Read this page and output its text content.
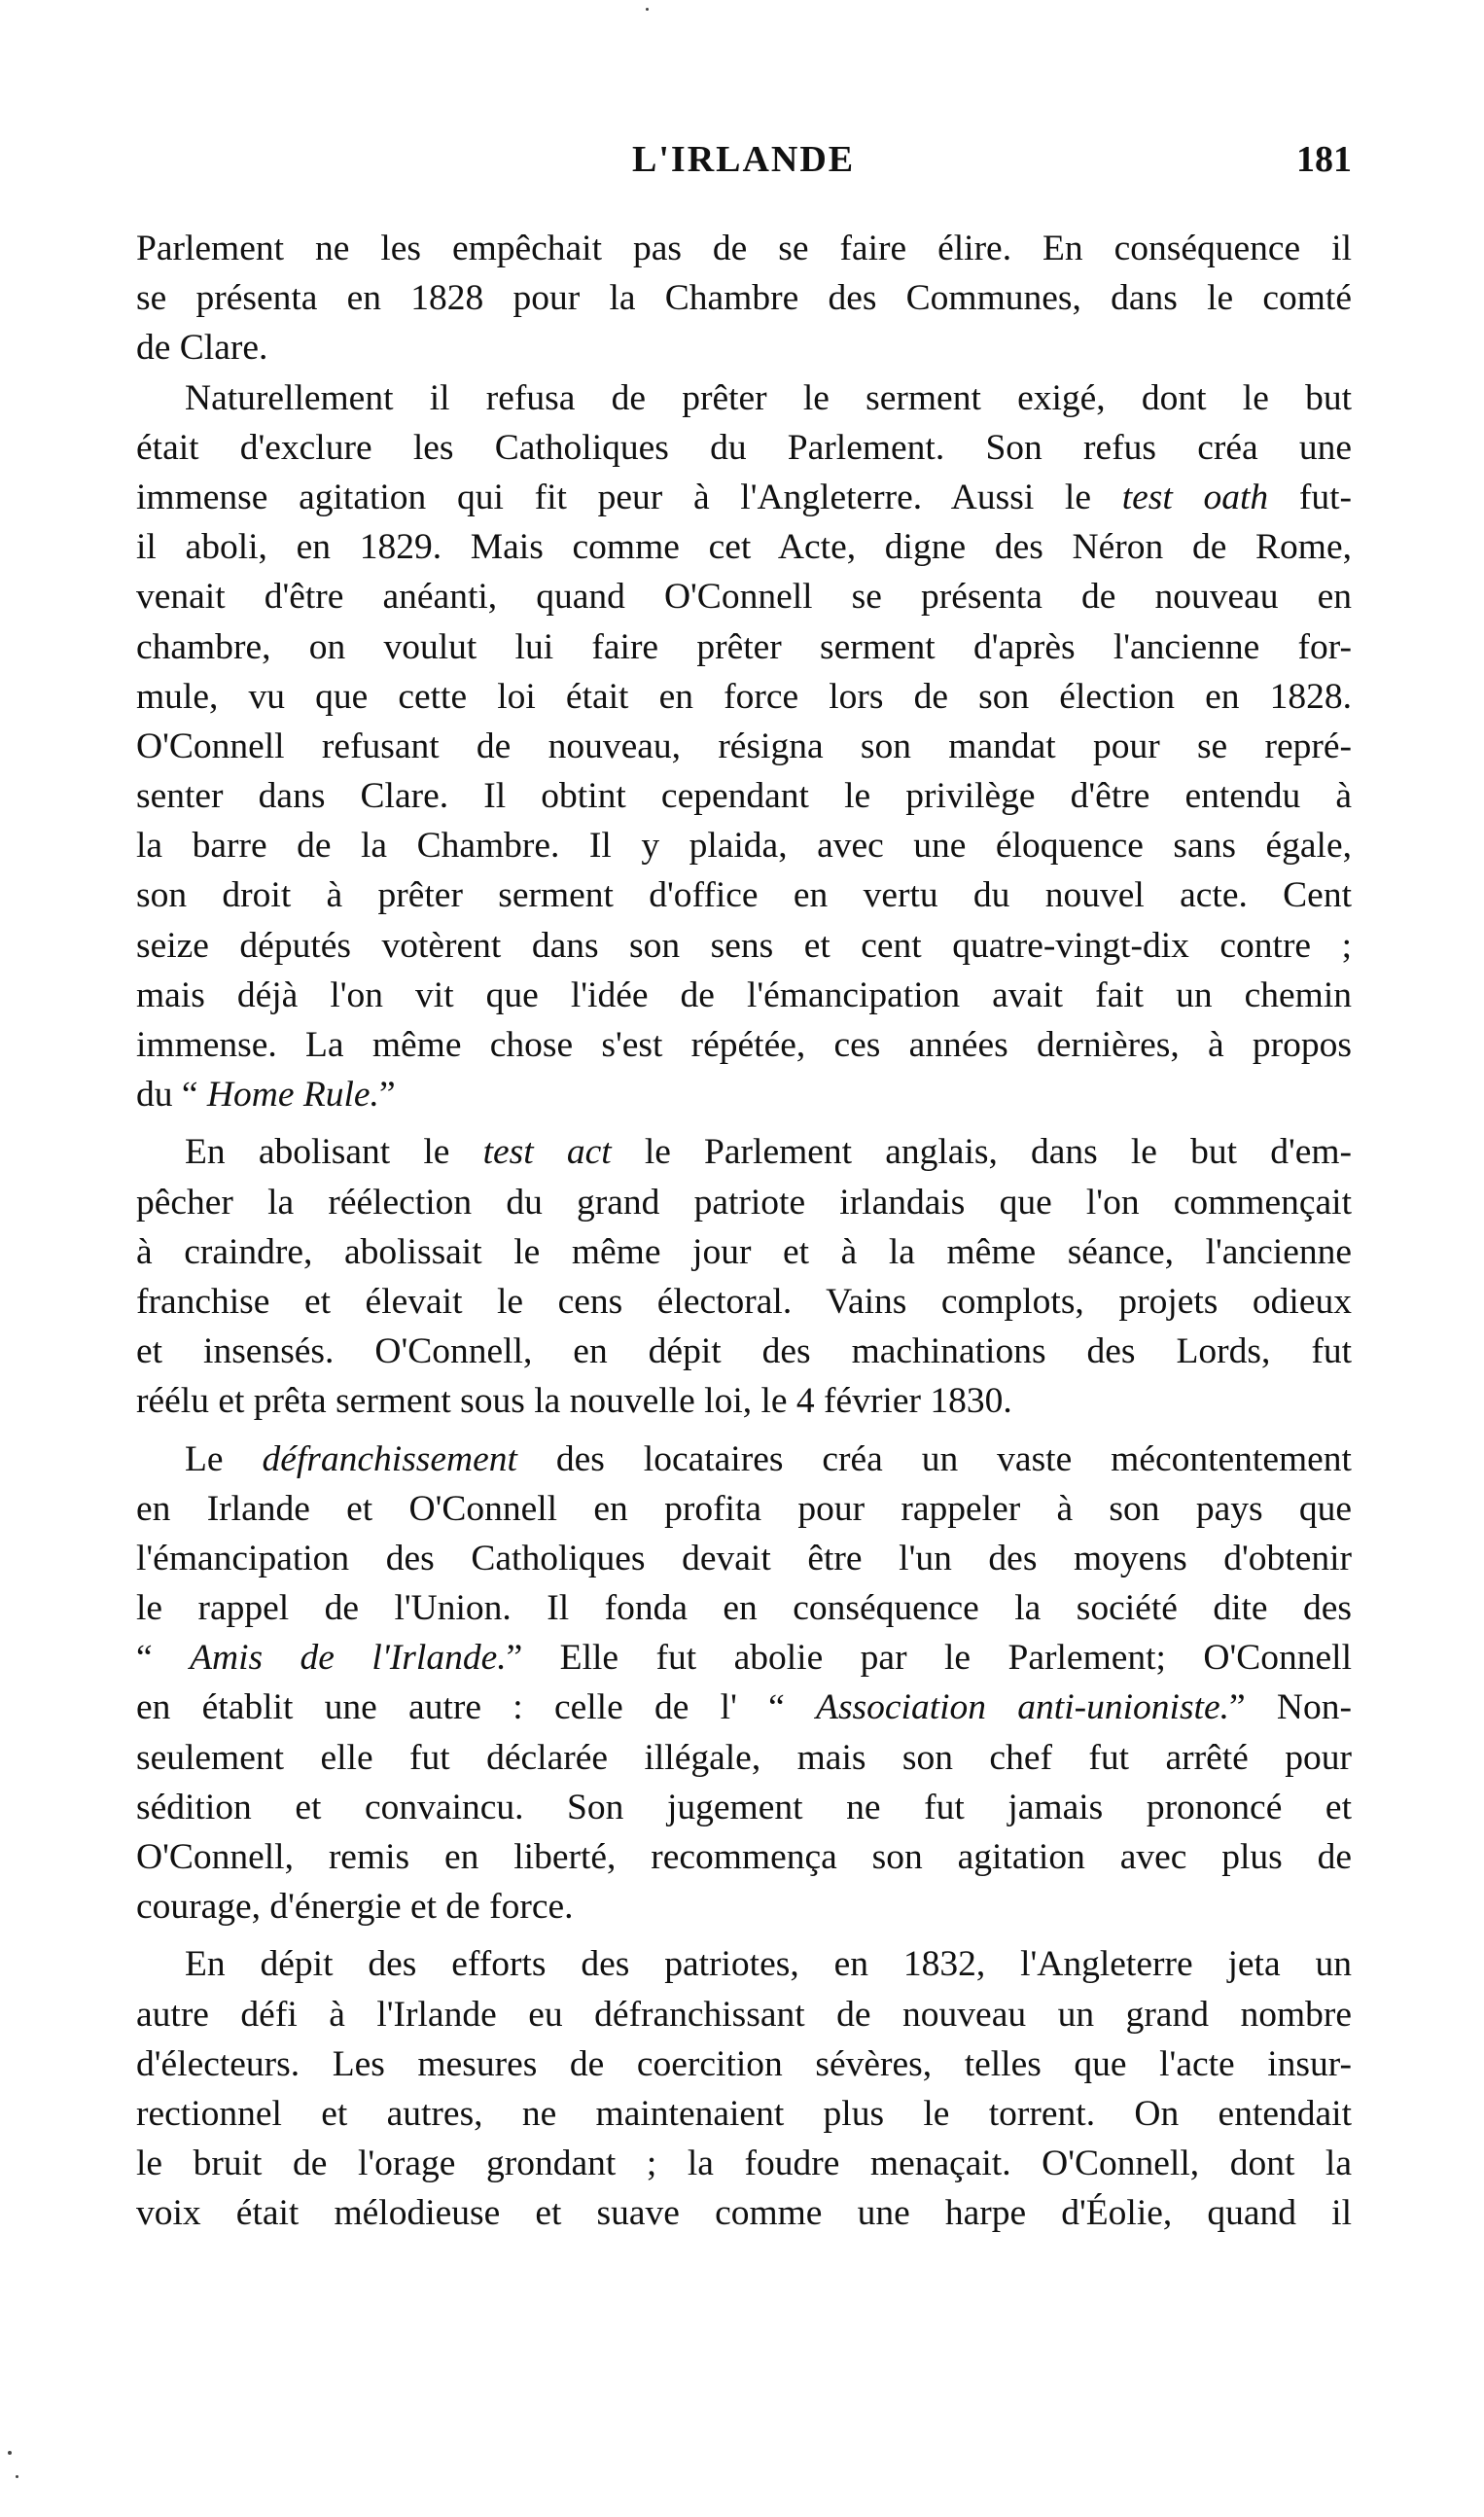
L'IRLANDE	181
Parlement ne les empêchait pas de se faire élire. En conséquence il
se présenta en 1828 pour la Chambre des Communes, dans le comté
de Clare.
Naturellement il refusa de prêter le serment exigé, dont le but
était d'exclure les Catholiques du Parlement. Son refus créa une
immense agitation qui fit peur à l'Angleterre. Aussi le test oath fut-
il aboli, en 1829. Mais comme cet Acte, digne des Néron de Rome,
venait d'être anéanti, quand O'Connell se présenta de nouveau en
chambre, on voulut lui faire prêter serment d'après l'ancienne for-
mule, vu que cette loi était en force lors de son élection en 1828.
O'Connell refusant de nouveau, résigna son mandat pour se repré-
senter dans Clare. Il obtint cependant le privilège d'être entendu à
la barre de la Chambre. Il y plaida, avec une éloquence sans égale,
son droit à prêter serment d'office en vertu du nouvel acte. Cent
seize députés votèrent dans son sens et cent quatre-vingt-dix contre ;
mais déjà l'on vit que l'idée de l'émancipation avait fait un chemin
immense. La même chose s'est répétée, ces années dernières, à propos
du “ Home Rule.”
En abolisant le test act le Parlement anglais, dans le but d'em-
pêcher la réélection du grand patriote irlandais que l'on commençait
à craindre, abolissait le même jour et à la même séance, l'ancienne
franchise et élevait le cens électoral. Vains complots, projets odieux
et insensés. O'Connell, en dépit des machinations des Lords, fut
réélu et prêta serment sous la nouvelle loi, le 4 février 1830.
Le défranchissement des locataires créa un vaste mécontentement
en Irlande et O'Connell en profita pour rappeler à son pays que
l'émancipation des Catholiques devait être l'un des moyens d'obtenir
le rappel de l'Union. Il fonda en conséquence la société dite des
“ Amis de l'Irlande.” Elle fut abolie par le Parlement; O'Connell
en établit une autre : celle de l' “ Association anti-unioniste.” Non-
seulement elle fut déclarée illégale, mais son chef fut arrêté pour
sédition et convaincu. Son jugement ne fut jamais prononcé et
O'Connell, remis en liberté, recommença son agitation avec plus de
courage, d'énergie et de force.
En dépit des efforts des patriotes, en 1832, l'Angleterre jeta un
autre défi à l'Irlande eu défranchissant de nouveau un grand nombre
d'électeurs. Les mesures de coercition sévères, telles que l'acte insur-
rectionnel et autres, ne maintenaient plus le torrent. On entendait
le bruit de l'orage grondant ; la foudre menaçait. O'Connell, dont la
voix était mélodieuse et suave comme une harpe d'Éolie, quand il
